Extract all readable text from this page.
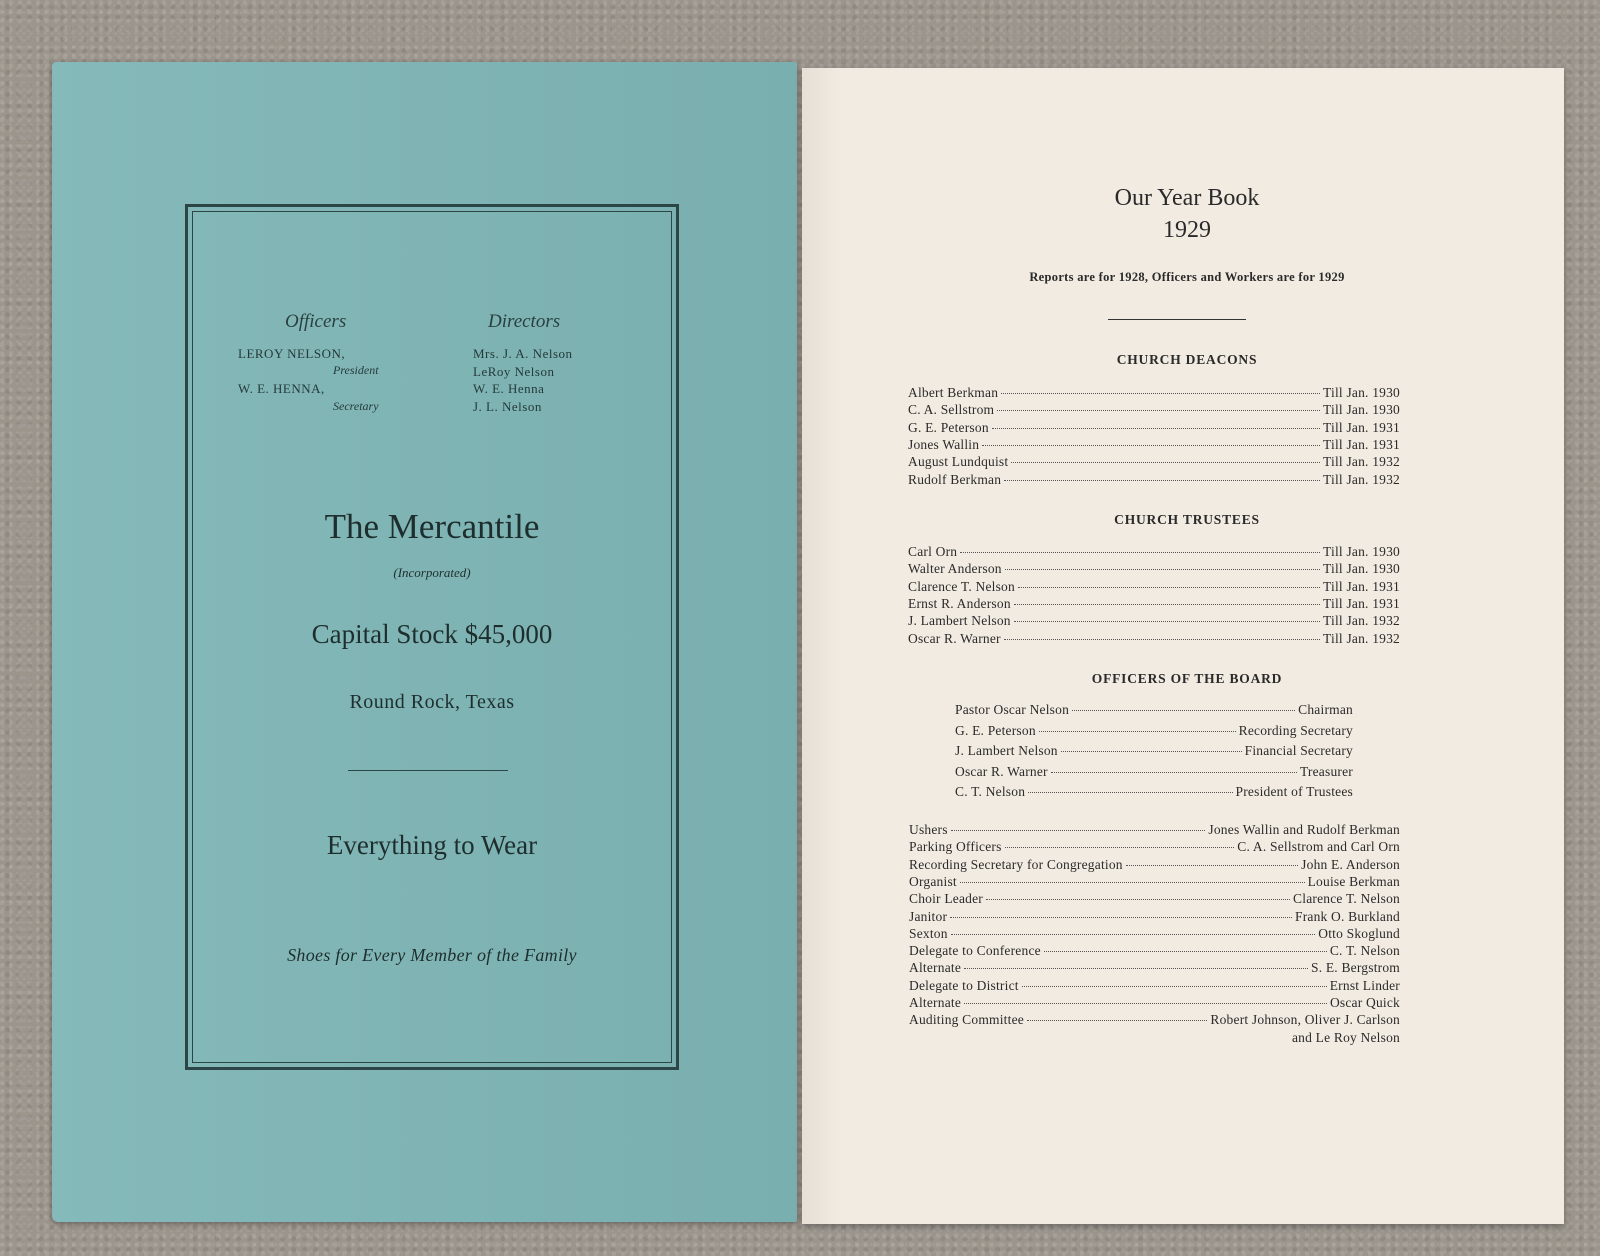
Officers	Directors
LEROY NELSON,
President
W. E. HENNA,
Secretary
Mrs. J. A. Nelson
LeRoy Nelson
W. E. Henna
J. L. Nelson
The Mercantile
(Incorporated)
Capital Stock $45,000
Round Rock, Texas
Everything to Wear
Shoes for Every Member of the Family
Our Year Book
1929
Reports are for 1928, Officers and Workers are for 1929
CHURCH DEACONS
Albert Berkman	Till Jan. 1930
C. A. Sellstrom	Till Jan. 1930
G. E. Peterson	Till Jan. 1931
Jones Wallin	Till Jan. 1931
August Lundquist	Till Jan. 1932
Rudolf Berkman	Till Jan. 1932
CHURCH TRUSTEES
Carl Orn	Till Jan. 1930
Walter Anderson	Till Jan. 1930
Clarence T. Nelson	Till Jan. 1931
Ernst R. Anderson	Till Jan. 1931
J. Lambert Nelson	Till Jan. 1932
Oscar R. Warner	Till Jan. 1932
OFFICERS OF THE BOARD
Pastor Oscar Nelson	Chairman
G. E. Peterson	Recording Secretary
J. Lambert Nelson	Financial Secretary
Oscar R. Warner	Treasurer
C. T. Nelson	President of Trustees
Ushers	Jones Wallin and Rudolf Berkman
Parking Officers	C. A. Sellstrom and Carl Orn
Recording Secretary for Congregation	John E. Anderson
Organist	Louise Berkman
Choir Leader	Clarence T. Nelson
Janitor	Frank O. Burkland
Sexton	Otto Skoglund
Delegate to Conference	C. T. Nelson
Alternate	S. E. Bergstrom
Delegate to District	Ernst Linder
Alternate	Oscar Quick
Auditing Committee	Robert Johnson, Oliver J. Carlson
and Le Roy Nelson
